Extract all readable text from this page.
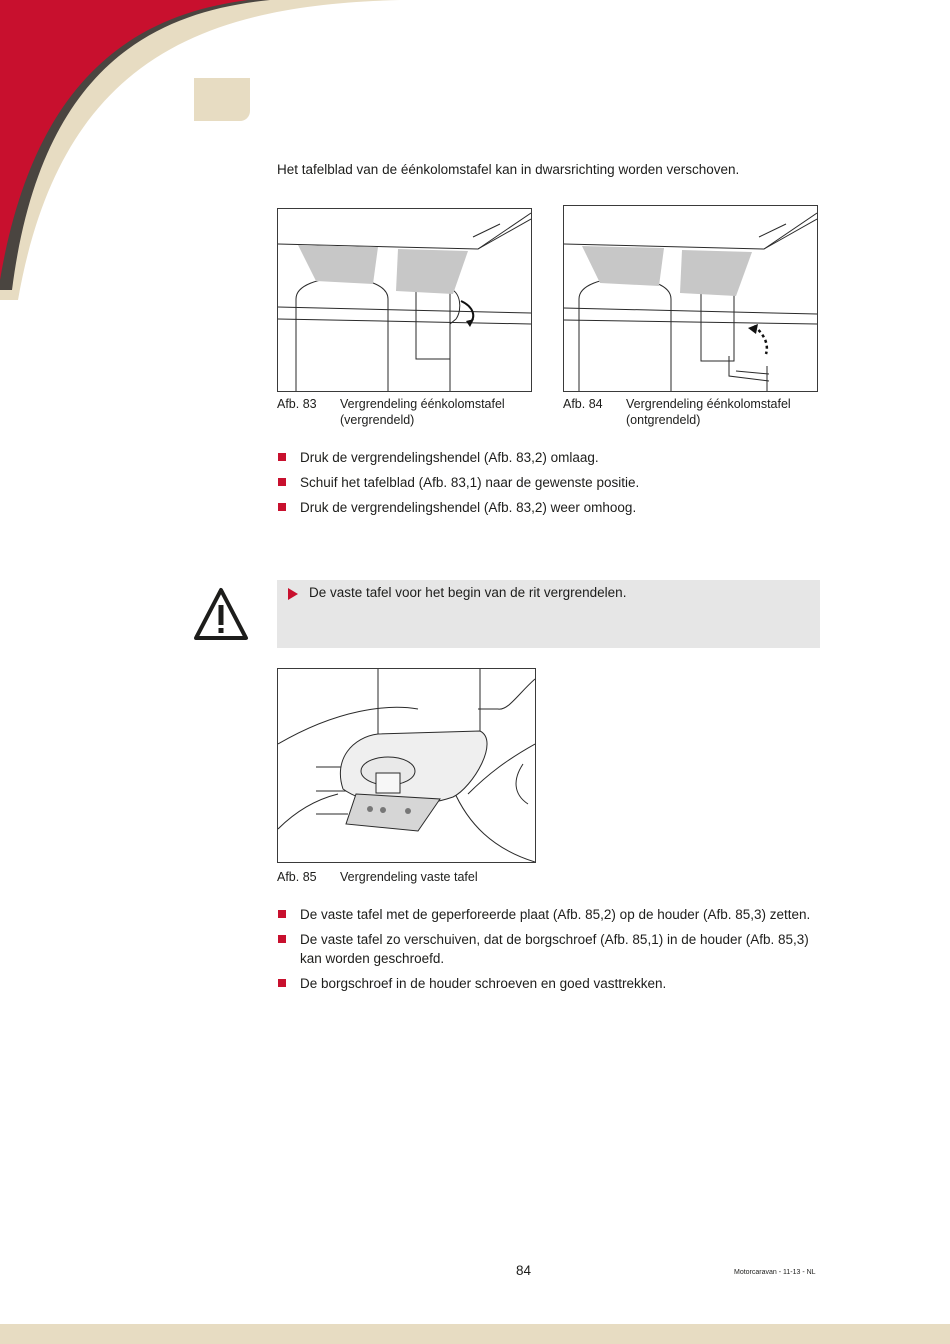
Het tafelblad van de éénkolomstafel kan in dwarsrichting worden verschoven.

Afb. 83 Vergrendeling éénkolomstafel (vergrendeld)
Afb. 84 Vergrendeling éénkolomstafel (ontgrendeld)
Druk de vergrendelingshendel (Afb. 83,2) omlaag.
Schuif het tafelblad (Afb. 83,1) naar de gewenste positie.
Druk de vergrendelingshendel (Afb. 83,2) weer omhoog.
De vaste tafel voor het begin van de rit vergrendelen.
Afb. 85 Vergrendeling vaste tafel
De vaste tafel met de geperforeerde plaat (Afb. 85,2) op de houder (Afb. 85,3) zetten.
De vaste tafel zo verschuiven, dat de borgschroef (Afb. 85,1) in de houder (Afb. 85,3) kan worden geschroefd.
De borgschroef in de houder schroeven en goed vasttrekken.
84	Motorcaravan - 11-13 - NL
